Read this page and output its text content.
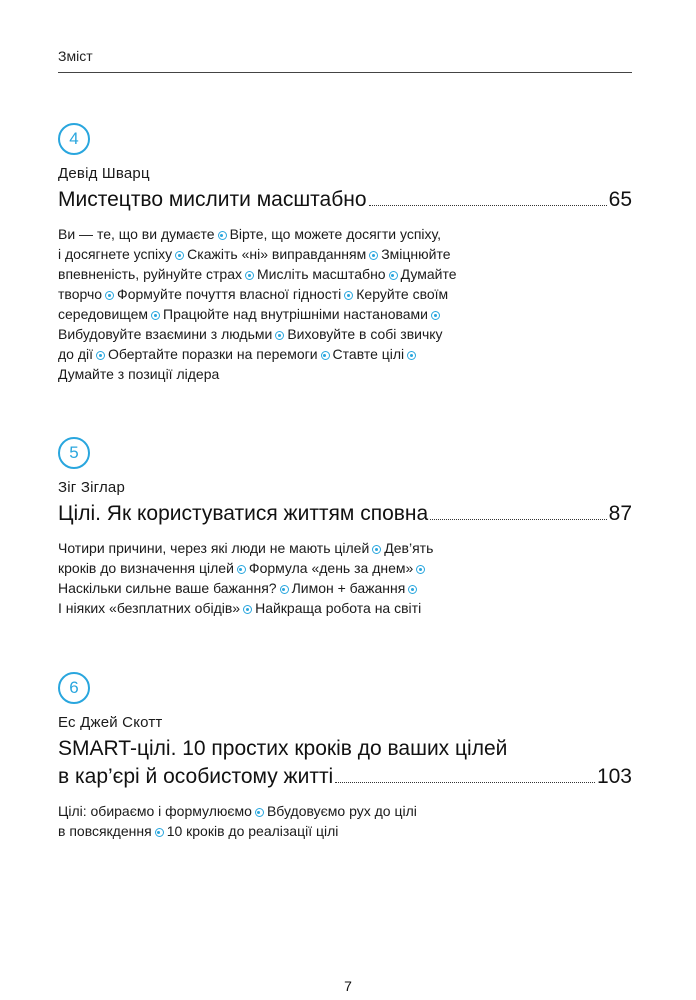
Зміст
4
Девід Шварц
Мистецтво мислити масштабно	65
Ви — те, що ви думаєте Вірте, що можете досягти успіху,
і досягнете успіху Скажіть «ні» виправданням Зміцнюйте
впевненість, руйнуйте страх Мисліть масштабно Думайте
творчо Формуйте почуття власної гідності Керуйте своїм
середовищем Працюйте над внутрішніми настановами
Вибудовуйте взаємини з людьми Виховуйте в собі звичку
до дії Обертайте поразки на перемоги Ставте цілі
Думайте з позиції лідера
5
Зіг Зіглар
Цілі. Як користуватися життям сповна	87
Чотири причини, через які люди не мають цілей Дев’ять
кроків до визначення цілей Формула «день за днем»
Наскільки сильне ваше бажання? Лимон + бажання
І ніяких «безплатних обідів» Найкраща робота на світі
6
Ес Джей Скотт
SMART-цілі. 10 простих кроків до ваших цілей
в кар’єрі й особистому житті	103
Цілі: обираємо і формулюємо Вбудовуємо рух до цілі
в повсякдення 10 кроків до реалізації цілі
7
